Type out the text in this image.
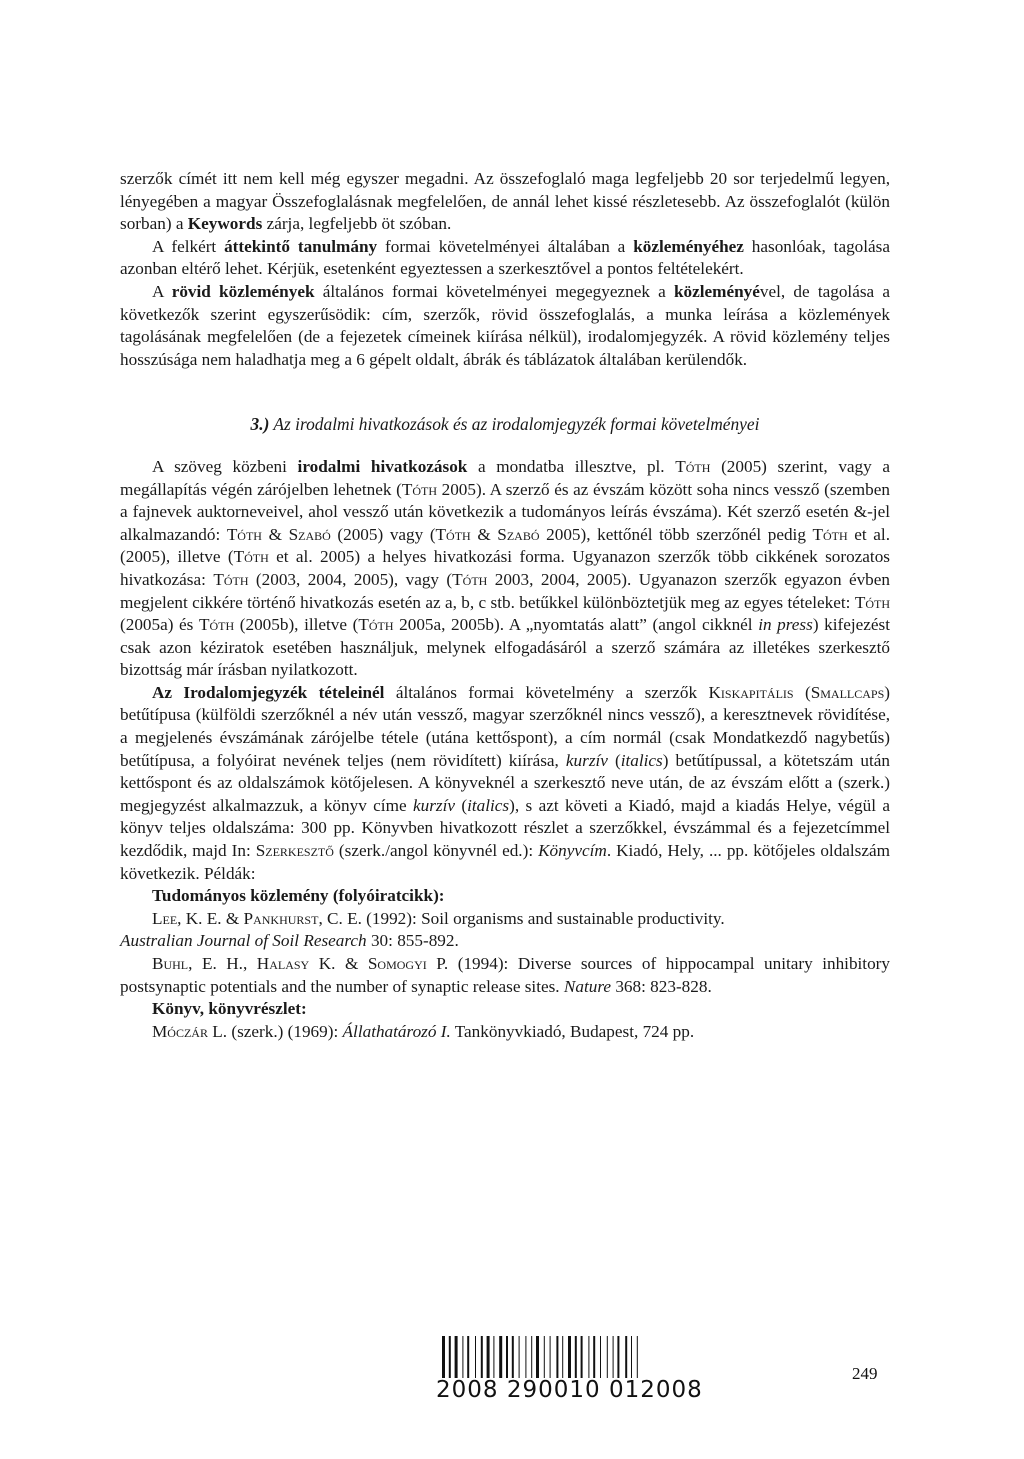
szerzők címét itt nem kell még egyszer megadni. Az összefoglaló maga legfeljebb 20 sor terjedelmű legyen, lényegében a magyar Összefoglalásnak megfelelően, de annál lehet kissé részletesebb. Az összefoglalót (külön sorban) a Keywords zárja, legfeljebb öt szóban.

A felkért áttekintő tanulmány formai követelményei általában a közleményéhez hasonlóak, tagolása azonban eltérő lehet. Kérjük, esetenként egyeztessen a szerkesztővel a pontos feltételekért.

A rövid közlemények általános formai követelményei megegyeznek a közleményével, de tagolása a következők szerint egyszerűsödik: cím, szerzők, rövid összefoglalás, a munka leírása a közlemények tagolásának megfelelően (de a fejezetek címeinek kiírása nélkül), irodalomjegyzék. A rövid közlemény teljes hosszúsága nem haladhatja meg a 6 gépelt oldalt, ábrák és táblázatok általában kerülendők.

3.) Az irodalmi hivatkozások és az irodalomjegyzék formai követelményei

A szöveg közbeni irodalmi hivatkozások a mondatba illesztve, pl. Tóth (2005) szerint, vagy a megállapítás végén zárójelben lehetnek (Tóth 2005). A szerző és az évszám között soha nincs vessző (szemben a fajnevek auktorneveivel, ahol vessző után következik a tudományos leírás évszáma). Két szerző esetén &-jel alkalmazandó: Tóth & Szabó (2005) vagy (Tóth & Szabó 2005), kettőnél több szerzőnél pedig Tóth et al. (2005), illetve (Tóth et al. 2005) a helyes hivatkozási forma. Ugyanazon szerzők több cikkének sorozatos hivatkozása: Tóth (2003, 2004, 2005), vagy (Tóth 2003, 2004, 2005). Ugyanazon szerzők egyazon évben megjelent cikkére történő hivatkozás esetén az a, b, c stb. betűkkel különböztetjük meg az egyes tételeket: Tóth (2005a) és Tóth (2005b), illetve (Tóth 2005a, 2005b). A „nyomtatás alatt” (angol cikknél in press) kifejezést csak azon kéziratok esetében használjuk, melynek elfogadásáról a szerző számára az illetékes szerkesztő bizottság már írásban nyilatkozott.

Az Irodalomjegyzék tételeinél általános formai követelmény a szerzők Kiskapitális (Smallcaps) betűtípusa (külföldi szerzőknél a név után vessző, magyar szerzőknél nincs vessző), a keresztnevek rövidítése, a megjelenés évszámának zárójelbe tétele (utána kettőspont), a cím normál (csak Mondatkezdő nagybetűs) betűtípusa, a folyóirat nevének teljes (nem rövidített) kiírása, kurzív (italics) betűtípussal, a kötetszám után kettőspont és az oldalszámok kötőjelesen. A könyveknél a szerkesztő neve után, de az évszám előtt a (szerk.) megjegyzést alkalmazzuk, a könyv címe kurzív (italics), s azt követi a Kiadó, majd a kiadás Helye, végül a könyv teljes oldalszáma: 300 pp. Könyvben hivatkozott részlet a szerzőkkel, évszámmal és a fejezetcímmel kezdődik, majd In: Szerkesztő (szerk./angol könyvnél ed.): Könyvcím. Kiadó, Hely, ... pp. kötőjeles oldalszám következik. Példák:

Tudományos közlemény (folyóiratcikk):

Lee, K. E. & Pankhurst, C. E. (1992): Soil organisms and sustainable productivity.
Australian Journal of Soil Research 30: 855-892.

Buhl, E. H., Halasy K. & Somogyi P. (1994): Diverse sources of hippocampal unitary inhibitory postsynaptic potentials and the number of synaptic release sites. Nature 368: 823-828.

Könyv, könyvrészlet:

Móczár L. (szerk.) (1969): Állathatározó I. Tankönyvkiadó, Budapest, 724 pp.

2008 290010 012008
249
